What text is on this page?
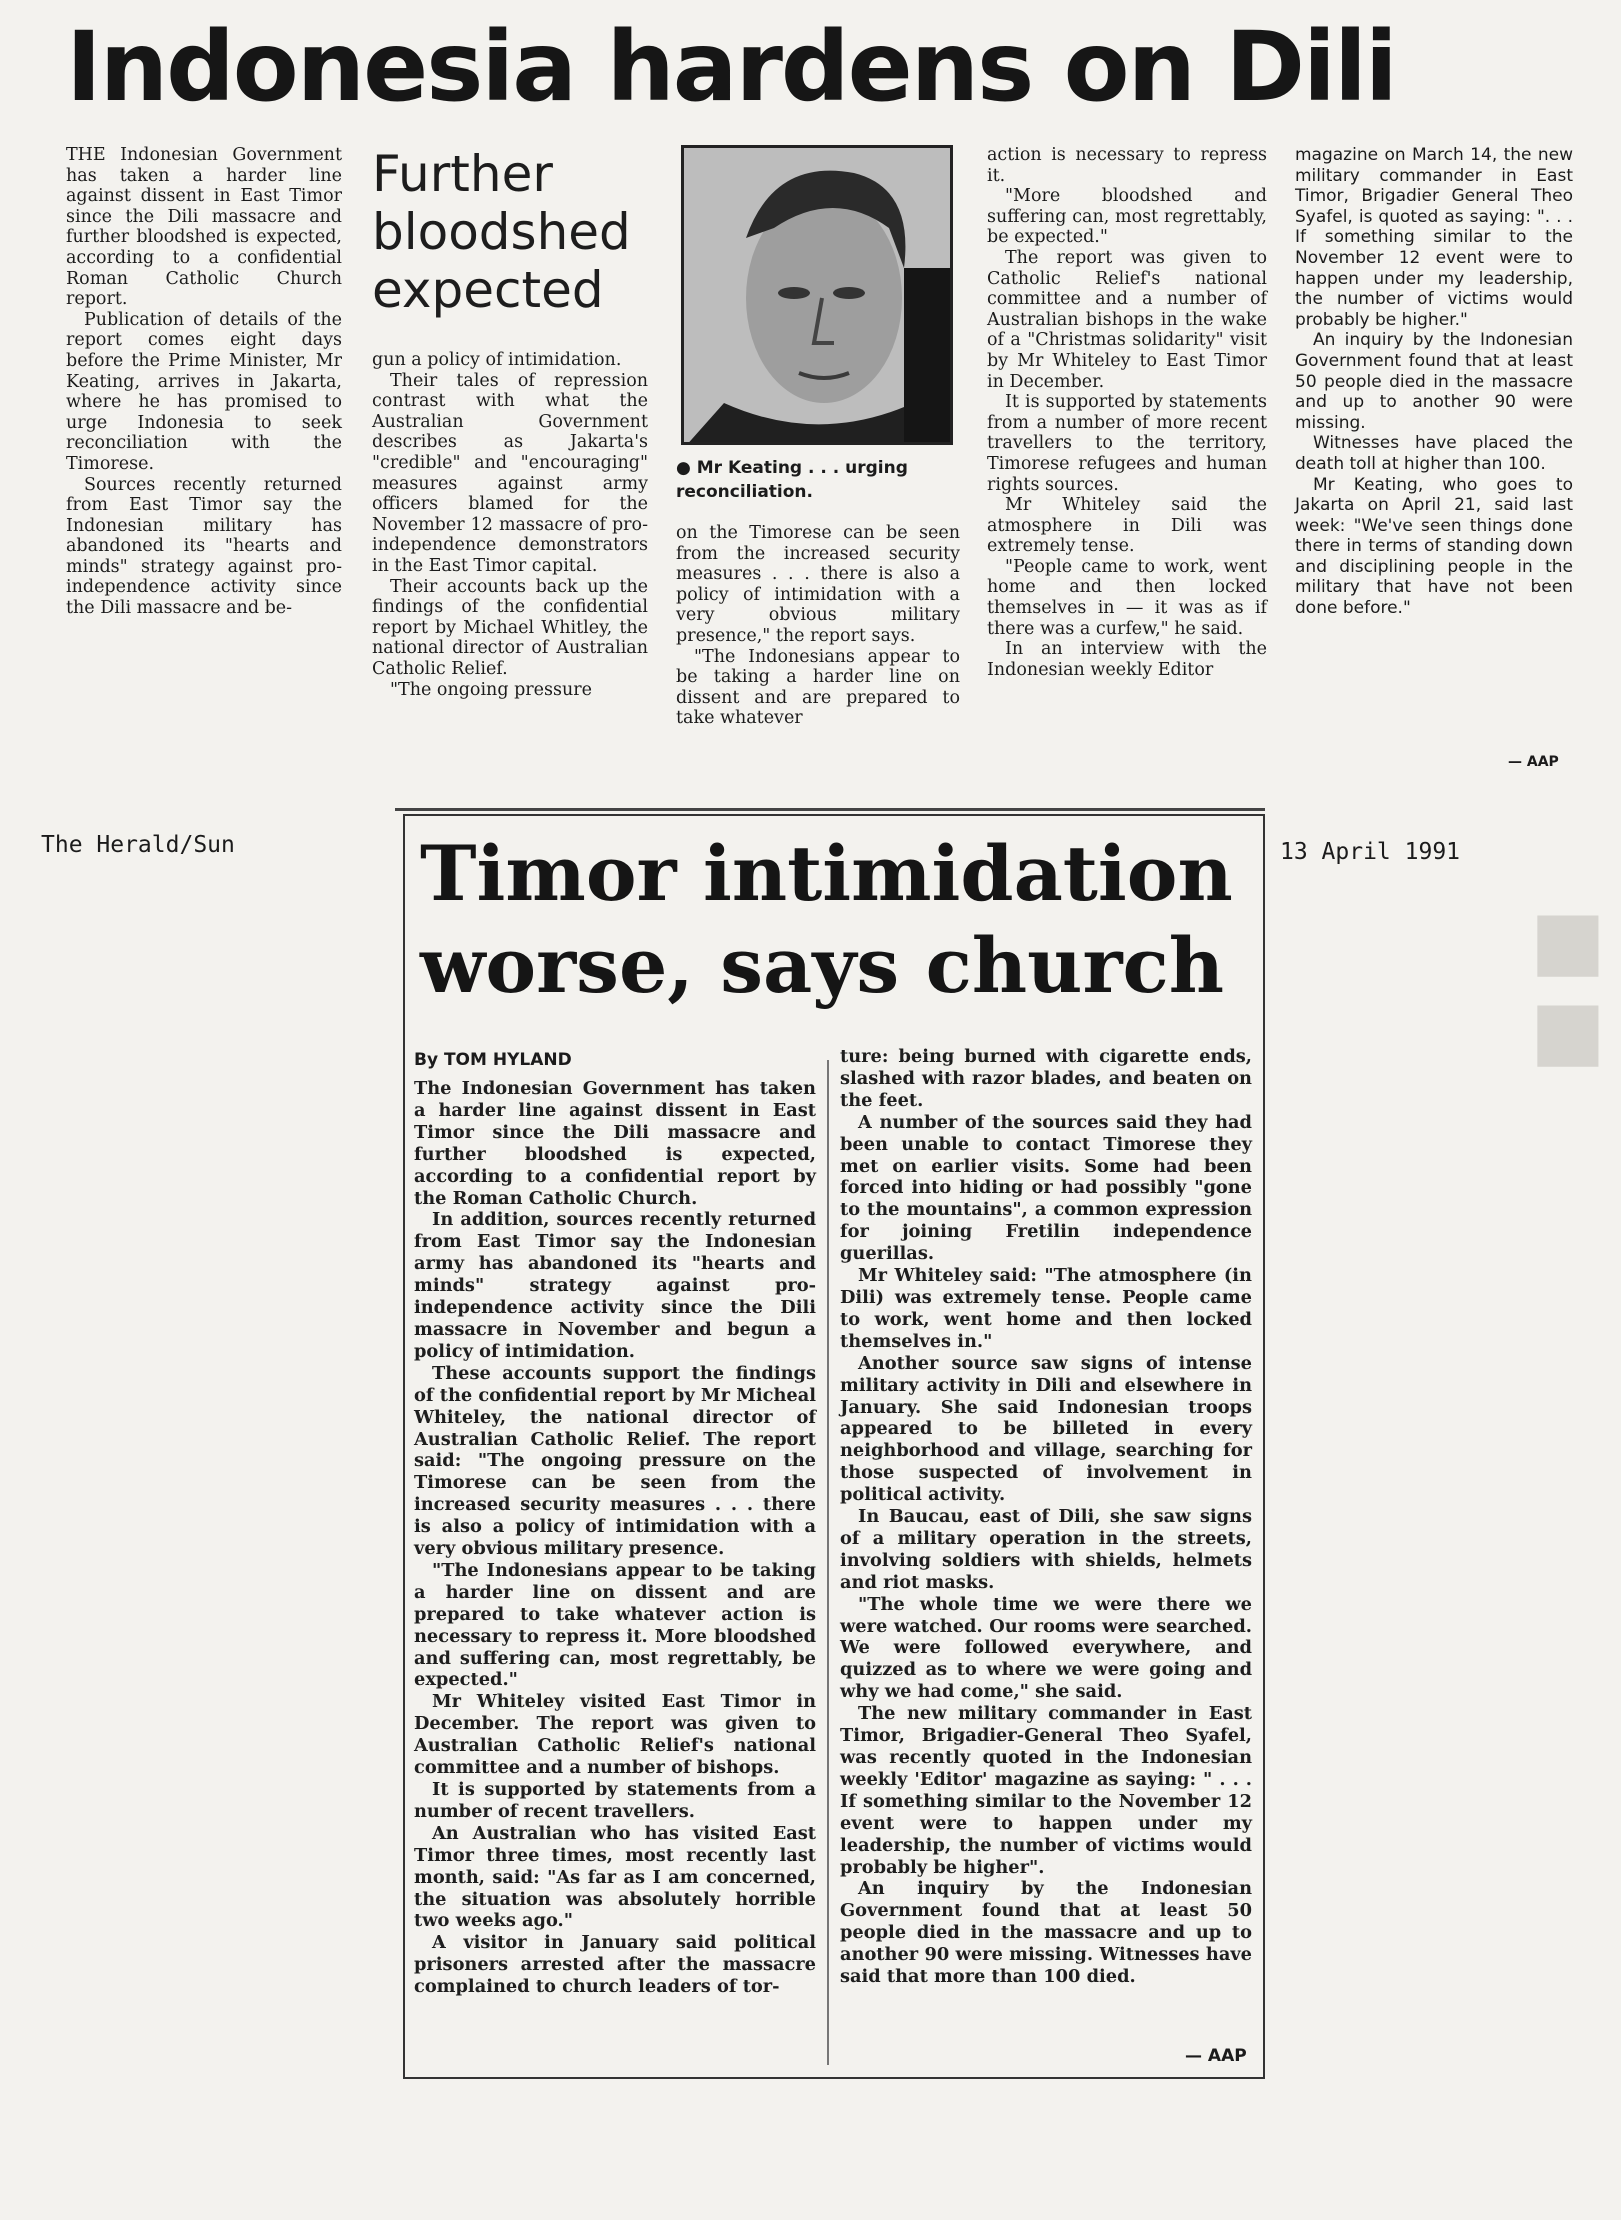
■
■
Indonesia hardens on Dili

THE Indonesian Government has taken a harder line against dissent in East Timor since the Dili massacre and further bloodshed is expected, according to a confidential Roman Catholic Church report.

Publication of details of the report comes eight days before the Prime Minister, Mr Keating, arrives in Jakarta, where he has promised to urge Indonesia to seek reconciliation with the Timorese.

Sources recently returned from East Timor say the Indonesian military has abandoned its "hearts and minds" strategy against pro-independence activity since the Dili massacre and be-

Further bloodshed expected

gun a policy of intimidation.

Their tales of repression contrast with what the Australian Government describes as Jakarta's "credible" and "encouraging" measures against army officers blamed for the November 12 massacre of pro-independence demonstrators in the East Timor capital.

Their accounts back up the findings of the confidential report by Michael Whitley, the national director of Australian Catholic Relief.

"The ongoing pressure

● Mr Keating . . . urging reconciliation.

on the Timorese can be seen from the increased security measures . . . there is also a policy of intimidation with a very obvious military presence," the report says.

"The Indonesians appear to be taking a harder line on dissent and are prepared to take whatever

action is necessary to repress it.

"More bloodshed and suffering can, most regrettably, be expected."

The report was given to Catholic Relief's national committee and a number of Australian bishops in the wake of a "Christmas solidarity" visit by Mr Whiteley to East Timor in December.

It is supported by statements from a number of more recent travellers to the territory, Timorese refugees and human rights sources.

Mr Whiteley said the atmosphere in Dili was extremely tense.

"People came to work, went home and then locked themselves in — it was as if there was a curfew," he said.

In an interview with the Indonesian weekly Editor

magazine on March 14, the new military commander in East Timor, Brigadier General Theo Syafel, is quoted as saying: ". . . If something similar to the November 12 event were to happen under my leadership, the number of victims would probably be higher."

An inquiry by the Indonesian Government found that at least 50 people died in the massacre and up to another 90 were missing.

Witnesses have placed the death toll at higher than 100.

Mr Keating, who goes to Jakarta on April 21, said last week: "We've seen things done there in terms of standing down and disciplining people in the military that have not been done before."

— AAP
The Herald/Sun	13 April 1991
Timor intimidation
worse, says church
By TOM HYLAND

The Indonesian Government has taken a harder line against dissent in East Timor since the Dili massacre and further bloodshed is expected, according to a confidential report by the Roman Catholic Church.

In addition, sources recently returned from East Timor say the Indonesian army has abandoned its "hearts and minds" strategy against pro-independence activity since the Dili massacre in November and begun a policy of intimidation.

These accounts support the findings of the confidential report by Mr Micheal Whiteley, the national director of Australian Catholic Relief. The report said: "The ongoing pressure on the Timorese can be seen from the increased security measures . . . there is also a policy of intimidation with a very obvious military presence.

"The Indonesians appear to be taking a harder line on dissent and are prepared to take whatever action is necessary to repress it. More bloodshed and suffering can, most regrettably, be expected."

Mr Whiteley visited East Timor in December. The report was given to Australian Catholic Relief's national committee and a number of bishops.

It is supported by statements from a number of recent travellers.

An Australian who has visited East Timor three times, most recently last month, said: "As far as I am concerned, the situation was absolutely horrible two weeks ago."

A visitor in January said political prisoners arrested after the massacre complained to church leaders of tor-

ture: being burned with cigarette ends, slashed with razor blades, and beaten on the feet.

A number of the sources said they had been unable to contact Timorese they met on earlier visits. Some had been forced into hiding or had possibly "gone to the mountains", a common expression for joining Fretilin independence guerillas.

Mr Whiteley said: "The atmosphere (in Dili) was extremely tense. People came to work, went home and then locked themselves in."

Another source saw signs of intense military activity in Dili and elsewhere in January. She said Indonesian troops appeared to be billeted in every neighborhood and village, searching for those suspected of involvement in political activity.

In Baucau, east of Dili, she saw signs of a military operation in the streets, involving soldiers with shields, helmets and riot masks.

"The whole time we were there we were watched. Our rooms were searched. We were followed everywhere, and quizzed as to where we were going and why we had come," she said.

The new military commander in East Timor, Brigadier-General Theo Syafel, was recently quoted in the Indonesian weekly 'Editor' magazine as saying: " . . . If something similar to the November 12 event were to happen under my leadership, the number of victims would probably be higher".

An inquiry by the Indonesian Government found that at least 50 people died in the massacre and up to another 90 were missing. Witnesses have said that more than 100 died.

— AAP
